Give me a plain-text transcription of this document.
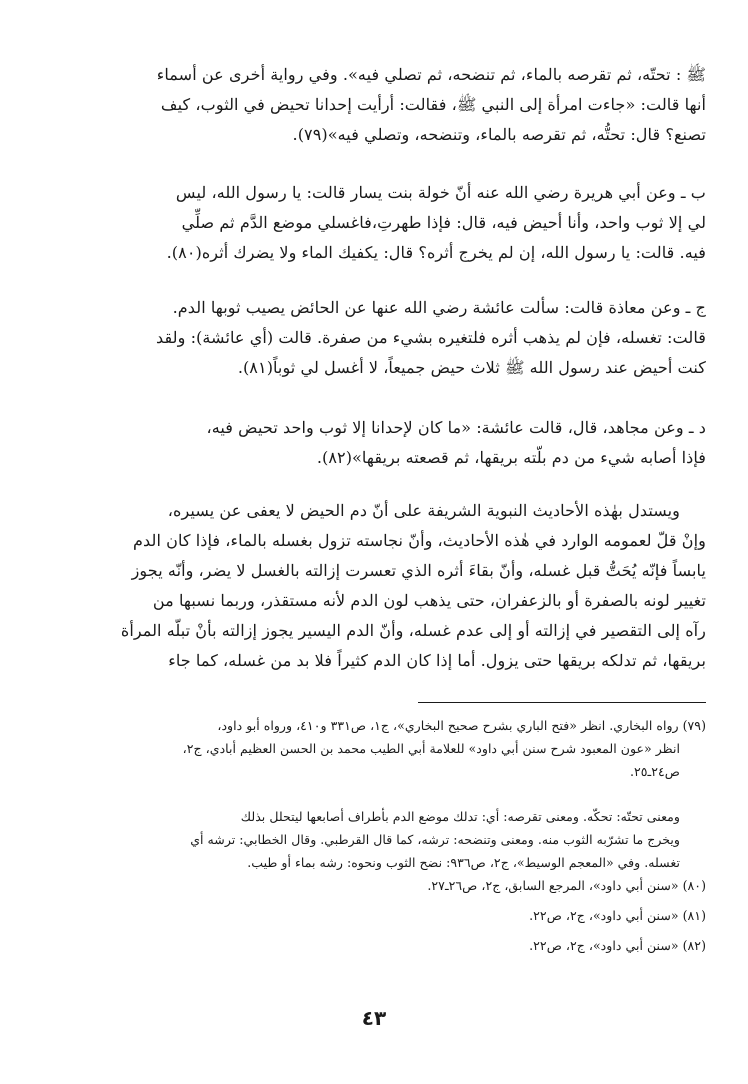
ﷺ : تحتّه، ثم تقرصه بالماء، ثم تنضحه، ثم تصلي فيه». وفي رواية أخرى عن أسماء
أنها قالت: «جاءت امرأة إلى النبي ﷺ، فقالت: أرأيت إحدانا تحيض في الثوب، كيف
تصنع؟ قال: تحتُّه، ثم تقرصه بالماء، وتنضحه، وتصلي فيه»(٧٩).
ب ـ وعن أبي هريرة رضي الله عنه أنّ خولة بنت يسار قالت: يا رسول الله، ليس
لي إلا ثوب واحد، وأنا أحيض فيه، قال: فإذا طهرتِ،فاغسلي موضع الدَّم ثم صلِّي
فيه. قالت: يا رسول الله، إن لم يخرج أثره؟ قال: يكفيك الماء ولا يضرك أثره(٨٠).
ج ـ وعن معاذة قالت: سألت عائشة رضي الله عنها عن الحائض يصيب ثوبها الدم.
قالت: تغسله، فإن لم يذهب أثره فلتغيره بشيء من صفرة. قالت (أي عائشة): ولقد
كنت أحيض عند رسول الله ﷺ ثلاث حيض جميعاً، لا أغسل لي ثوباً(٨١).
د ـ وعن مجاهد، قال، قالت عائشة: «ما كان لإحدانا إلا ثوب واحد تحيض فيه،
فإذا أصابه شيء من دم بلّته بريقها، ثم قصعته بريقها»(٨٢).
ويستدل بهٰذه الأحاديث النبوية الشريفة على أنّ دم الحيض لا يعفى عن يسيره،
وإنْ قلّ لعمومه الوارد في هٰذه الأحاديث، وأنّ نجاسته تزول بغسله بالماء، فإذا كان الدم
يابساً فإنّه يُحَتُّ قبل غسله، وأنّ بقاءَ أثره الذي تعسرت إزالته بالغسل لا يضر، وأنّه يجوز
تغيير لونه بالصفرة أو بالزعفران، حتى يذهب لون الدم لأنه مستقذر، وربما نسبها من
رآه إلى التقصير في إزالته أو إلى عدم غسله، وأنّ الدم اليسير يجوز إزالته بأنْ تبلّه المرأة
بريقها، ثم تدلكه بريقها حتى يزول. أما إذا كان الدم كثيراً فلا بد من غسله، كما جاء
(٧٩) رواه البخاري. انظر «فتح الباري بشرح صحيح البخاري»، ج١، ص٣٣١ و٤١٠، ورواه أبو داود،
انظر «عون المعبود شرح سنن أبي داود» للعلامة أبي الطيب محمد بن الحسن العظيم أبادي، ج٢،
ص٢٤ـ٢٥.
ومعنى تحتّه: تحكّه. ومعنى تقرصه: أي: تدلك موضع الدم بأطراف أصابعها ليتحلل بذلك
ويخرج ما تشرّبه الثوب منه. ومعنى وتنضحه: ترشه، كما قال القرطبي. وقال الخطابي: ترشه أي
تغسله. وفي «المعجم الوسيط»، ج٢، ص٩٣٦: نضح الثوب ونحوه: رشه بماء أو طيب.
(٨٠) «سنن أبي داود»، المرجع السابق، ج٢، ص٢٦ـ٢٧.
(٨١) «سنن أبي داود»، ج٢، ص٢٢.
(٨٢) «سنن أبي داود»، ج٢، ص٢٢.

٤٣
